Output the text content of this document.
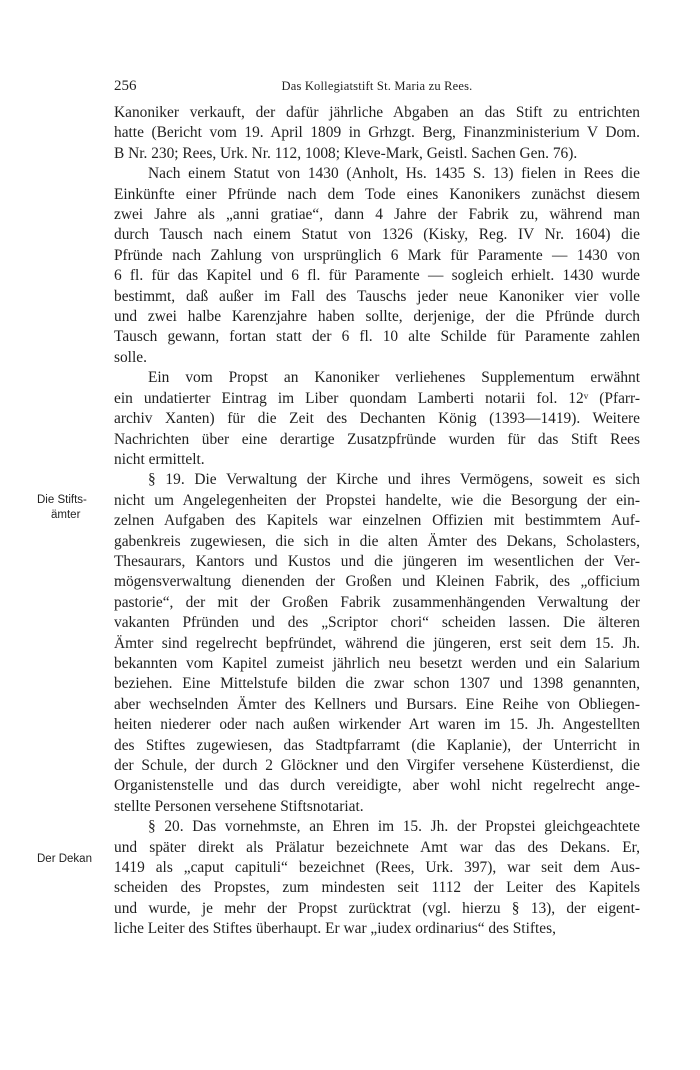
256	Das Kollegiatstift St. Maria zu Rees.
Die Stifts-
ämter
Der Dekan
Kanoniker verkauft, der dafür jährliche Abgaben an das Stift zu entrichten
hatte (Bericht vom 19. April 1809 in Grhzgt. Berg, Finanzministerium V Dom.
B Nr. 230; Rees, Urk. Nr. 112, 1008; Kleve-Mark, Geistl. Sachen Gen. 76).
Nach einem Statut von 1430 (Anholt, Hs. 1435 S. 13) fielen in Rees die
Einkünfte einer Pfründe nach dem Tode eines Kanonikers zunächst diesem
zwei Jahre als „anni gratiae“, dann 4 Jahre der Fabrik zu, während man
durch Tausch nach einem Statut von 1326 (Kisky, Reg. IV Nr. 1604) die
Pfründe nach Zahlung von ursprünglich 6 Mark für Paramente — 1430 von
6 fl. für das Kapitel und 6 fl. für Paramente — sogleich erhielt. 1430 wurde
bestimmt, daß außer im Fall des Tauschs jeder neue Kanoniker vier volle
und zwei halbe Karenzjahre haben sollte, derjenige, der die Pfründe durch
Tausch gewann, fortan statt der 6 fl. 10 alte Schilde für Paramente zahlen
solle.
Ein vom Propst an Kanoniker verliehenes Supplementum erwähnt
ein undatierter Eintrag im Liber quondam Lamberti notarii fol. 12ᵛ (Pfarr-
archiv Xanten) für die Zeit des Dechanten König (1393—1419). Weitere
Nachrichten über eine derartige Zusatzpfründe wurden für das Stift Rees
nicht ermittelt.
§ 19. Die Verwaltung der Kirche und ihres Vermögens, soweit es sich
nicht um Angelegenheiten der Propstei handelte, wie die Besorgung der ein-
zelnen Aufgaben des Kapitels war einzelnen Offizien mit bestimmtem Auf-
gabenkreis zugewiesen, die sich in die alten Ämter des Dekans, Scholasters,
Thesaurars, Kantors und Kustos und die jüngeren im wesentlichen der Ver-
mögensverwaltung dienenden der Großen und Kleinen Fabrik, des „officium
pastorie“, der mit der Großen Fabrik zusammenhängenden Verwaltung der
vakanten Pfründen und des „Scriptor chori“ scheiden lassen. Die älteren
Ämter sind regelrecht bepfründet, während die jüngeren, erst seit dem 15. Jh.
bekannten vom Kapitel zumeist jährlich neu besetzt werden und ein Salarium
beziehen. Eine Mittelstufe bilden die zwar schon 1307 und 1398 genannten,
aber wechselnden Ämter des Kellners und Bursars. Eine Reihe von Obliegen-
heiten niederer oder nach außen wirkender Art waren im 15. Jh. Angestellten
des Stiftes zugewiesen, das Stadtpfarramt (die Kaplanie), der Unterricht in
der Schule, der durch 2 Glöckner und den Virgifer versehene Küsterdienst, die
Organistenstelle und das durch vereidigte, aber wohl nicht regelrecht ange-
stellte Personen versehene Stiftsnotariat.
§ 20. Das vornehmste, an Ehren im 15. Jh. der Propstei gleichgeachtete
und später direkt als Prälatur bezeichnete Amt war das des Dekans. Er,
1419 als „caput capituli“ bezeichnet (Rees, Urk. 397), war seit dem Aus-
scheiden des Propstes, zum mindesten seit 1112 der Leiter des Kapitels
und wurde, je mehr der Propst zurücktrat (vgl. hierzu § 13), der eigent-
liche Leiter des Stiftes überhaupt. Er war „iudex ordinarius“ des Stiftes,
